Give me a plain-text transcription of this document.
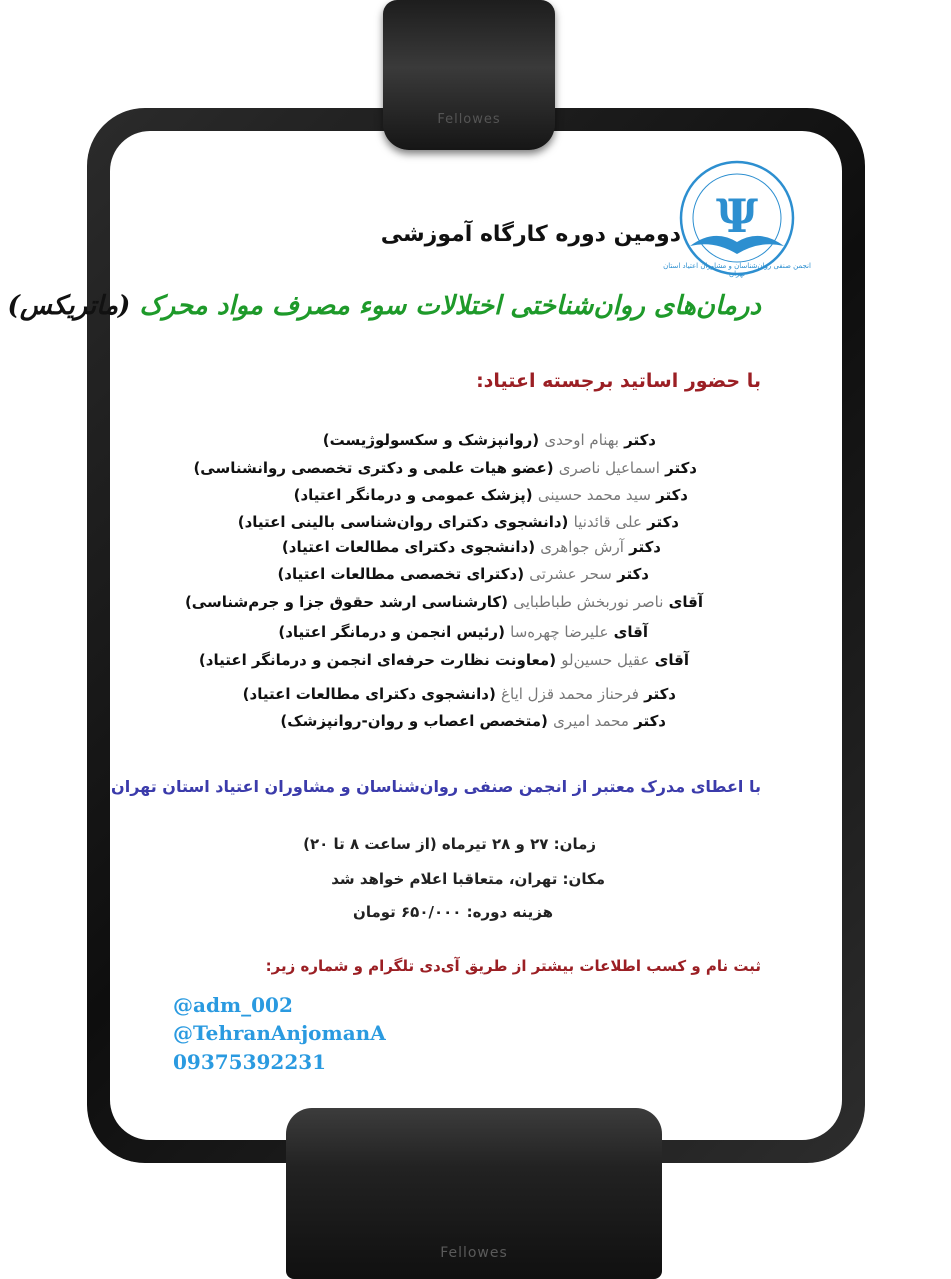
Fellowes
Fellowes
Ψ
انجمن صنفی روان‌شناسان و مشاوران اعتیاد استان تهران
دومین دوره کارگاه آموزشی
درمان‌های روان‌شناختی اختلالات سوء مصرف مواد محرک (ماتریکس)
با حضور اساتید برجسته اعتیاد:
دکتر بهنام اوحدی (روانپزشک و سکسولوژیست)
دکتر اسماعیل ناصری (عضو هیات علمی و دکتری تخصصی روانشناسی)
دکتر سید محمد حسینی (پزشک عمومی و درمانگر اعتیاد)
دکتر علی قائدنیا (دانشجوی دکترای روان‌شناسی بالینی اعتیاد)
دکتر آرش جواهری (دانشجوی دکترای مطالعات اعتیاد)
دکتر سحر عشرتی (دکترای تخصصی مطالعات اعتیاد)
آقای ناصر نوربخش طباطبایی (کارشناسی ارشد حقوق جزا و جرم‌شناسی)
آقای علیرضا چهره‌سا (رئیس انجمن و درمانگر اعتیاد)
آقای عقیل حسین‌لو (معاونت نظارت حرفه‌ای انجمن و درمانگر اعتیاد)
دکتر فرحناز محمد قزل ایاغ (دانشجوی دکترای مطالعات اعتیاد)
دکتر محمد امیری (متخصص اعصاب و روان-روانپزشک)
با اعطای مدرک معتبر از انجمن صنفی روان‌شناسان و مشاوران اعتیاد استان تهران
زمان: ۲۷ و ۲۸ تیرماه (از ساعت ۸ تا ۲۰)
مکان: تهران، متعاقبا اعلام خواهد شد
هزینه دوره: ۶۵۰/۰۰۰ تومان
ثبت نام و کسب اطلاعات بیشتر از طریق آی‌دی تلگرام و شماره زیر:
@adm_002
@TehranAnjomanA
09375392231
